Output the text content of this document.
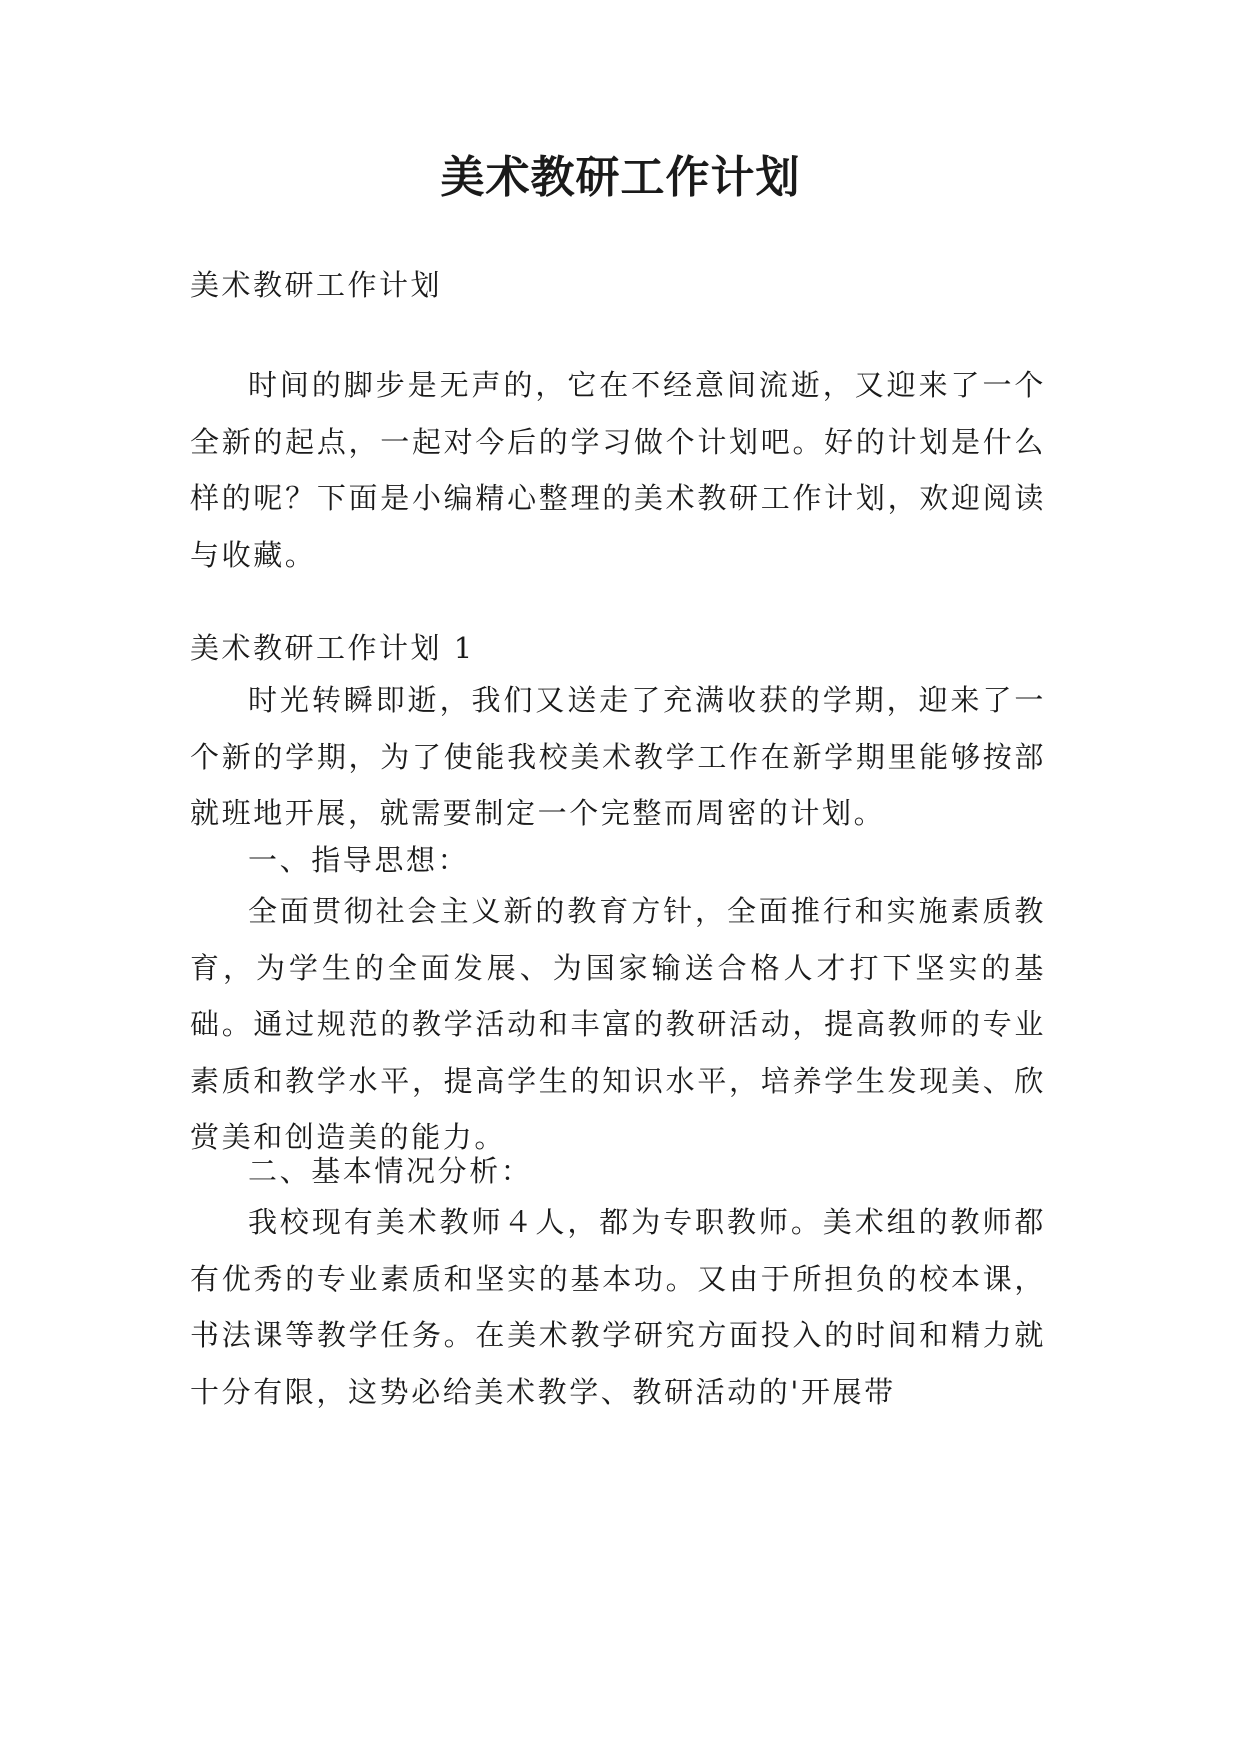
美术教研工作计划
美术教研工作计划
时间的脚步是无声的，它在不经意间流逝，又迎来了一个全新的起点，一起对今后的学习做个计划吧。好的计划是什么样的呢？下面是小编精心整理的美术教研工作计划，欢迎阅读与收藏。
美术教研工作计划 1
时光转瞬即逝，我们又送走了充满收获的学期，迎来了一个新的学期，为了使能我校美术教学工作在新学期里能够按部就班地开展，就需要制定一个完整而周密的计划。
一、指导思想：
全面贯彻社会主义新的教育方针，全面推行和实施素质教育，为学生的全面发展、为国家输送合格人才打下坚实的基础。通过规范的教学活动和丰富的教研活动，提高教师的专业素质和教学水平，提高学生的知识水平，培养学生发现美、欣赏美和创造美的能力。
二、基本情况分析：
我校现有美术教师４人，都为专职教师。美术组的教师都有优秀的专业素质和坚实的基本功。又由于所担负的校本课，书法课等教学任务。在美术教学研究方面投入的时间和精力就十分有限，这势必给美术教学、教研活动的'开展带
